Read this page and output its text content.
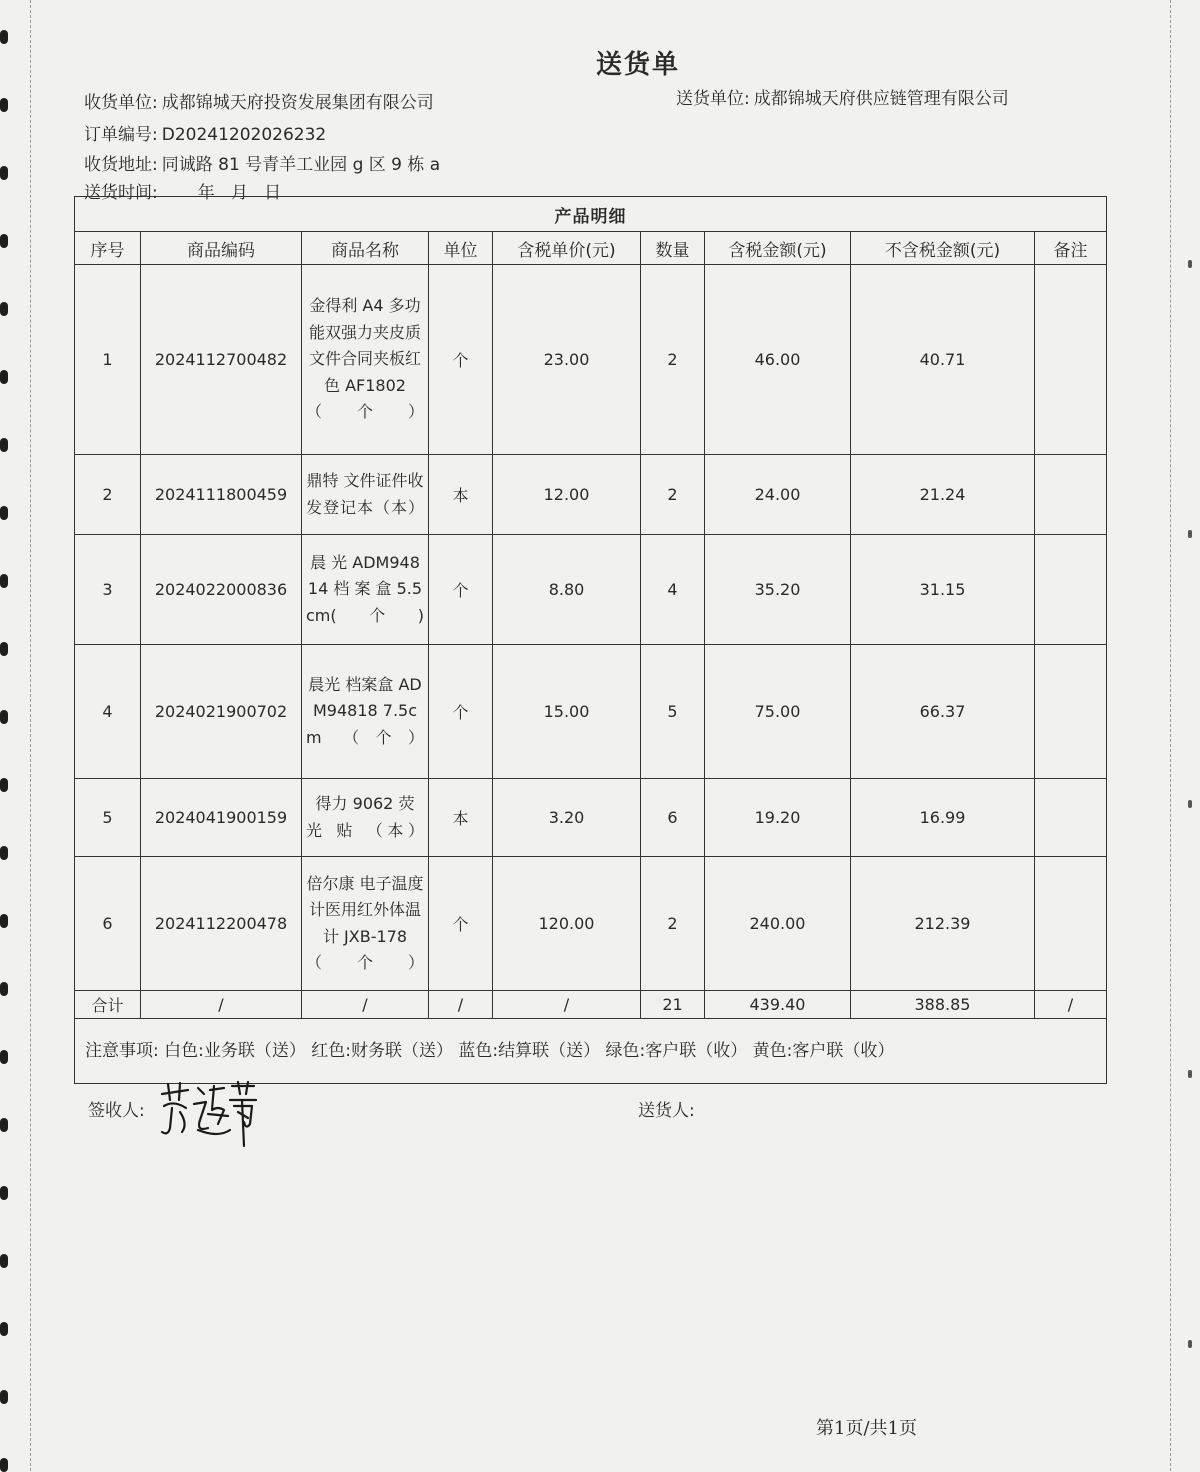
送货单
收货单位: 成都锦城天府投资发展集团有限公司	送货单位: 成都锦城天府供应链管理有限公司
订单编号: D20241202026232
收货地址: 同诚路 81 号青羊工业园 g 区 9 栋 a
送货时间: 年   月   日
产品明细								
序号	商品编码	商品名称	单位	含税单价(元)	数量	含税金额(元)	不含税金额(元)	备注
1	2024112700482	金得利 A4 多功能双强力夹皮质文件合同夹板红 色 AF1802 （个）	个	23.00	2	46.00	40.71	
2	2024111800459	鼎特 文件证件收发登记本（本）	本	12.00	2	24.00	21.24	
3	2024022000836	晨 光 ADM94814 档 案 盒 5.5cm(个)	个	8.80	4	35.20	31.15	
4	2024021900702	晨光 档案盒 ADM94818 7.5cm （个）	个	15.00	5	75.00	66.37	
5	2024041900159	得力 9062 荧 光 贴 （本）	本	3.20	6	19.20	16.99	
6	2024112200478	倍尔康 电子温度计医用红外体温计 JXB-178（个）	个	120.00	2	240.00	212.39	
合计	/	/	/	/	21	439.40	388.85	/
注意事项: 白色:业务联（送） 红色:财务联（送） 蓝色:结算联（送） 绿色:客户联（收） 黄色:客户联（收）								
签收人:	送货人:
第1页/共1页
